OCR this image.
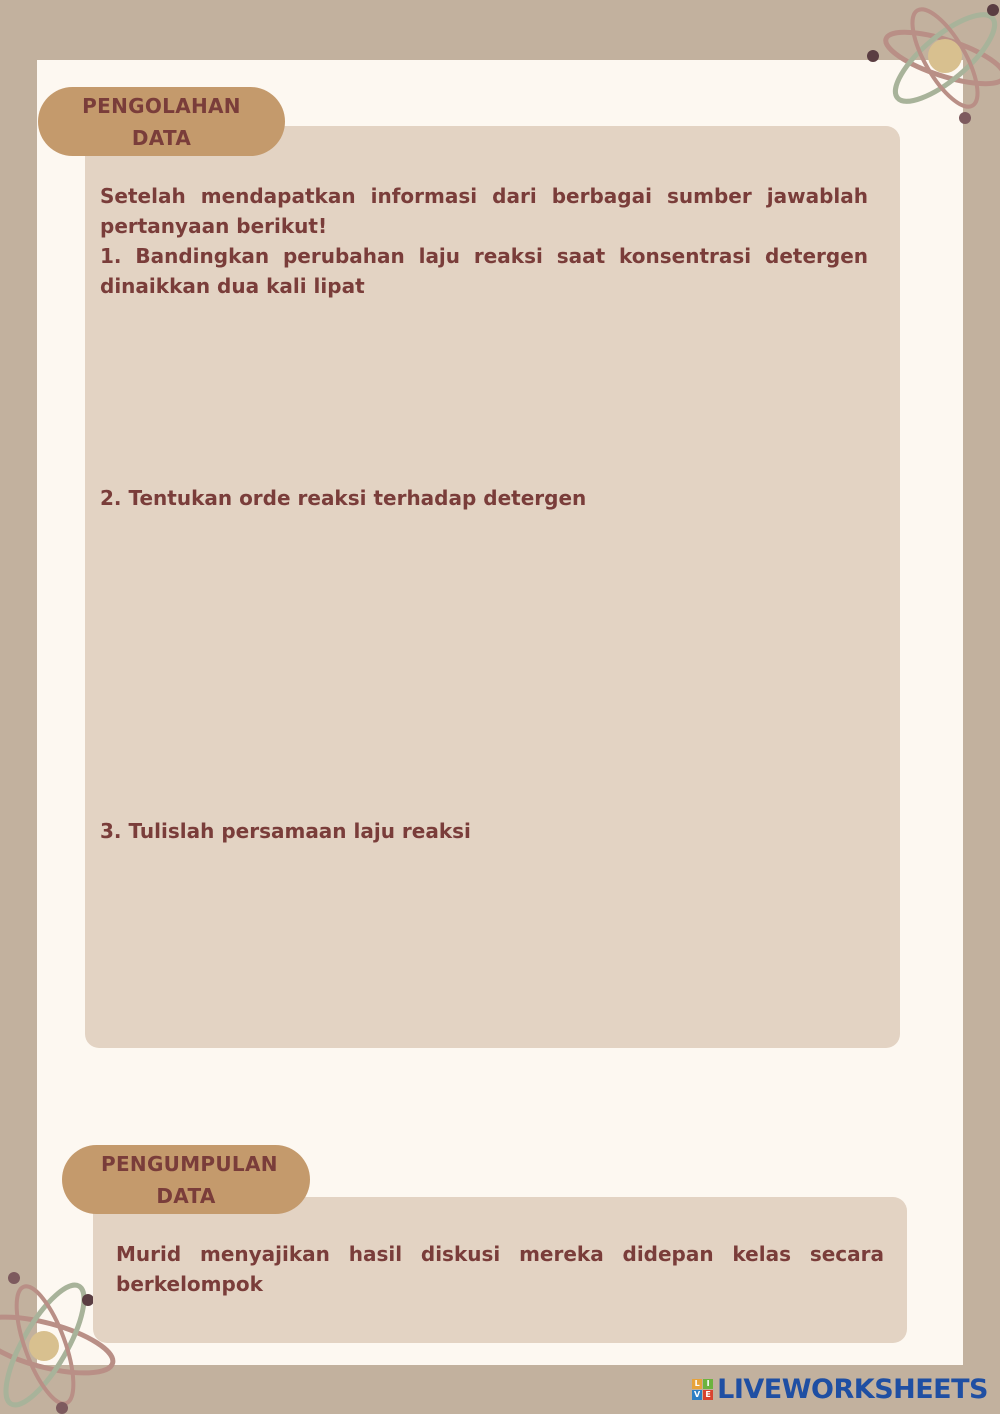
PENGOLAHAN DATA

Setelah mendapatkan informasi dari berbagai sumber jawablah pertanyaan berikut!

1. Bandingkan perubahan laju reaksi saat konsentrasi detergen dinaikkan dua kali lipat

2. Tentukan orde reaksi terhadap detergen

3. Tulislah persamaan laju reaksi

PENGUMPULAN DATA

Murid menyajikan hasil diskusi mereka didepan kelas secara berkelompok

L I
V E LIVEWORKSHEETS
